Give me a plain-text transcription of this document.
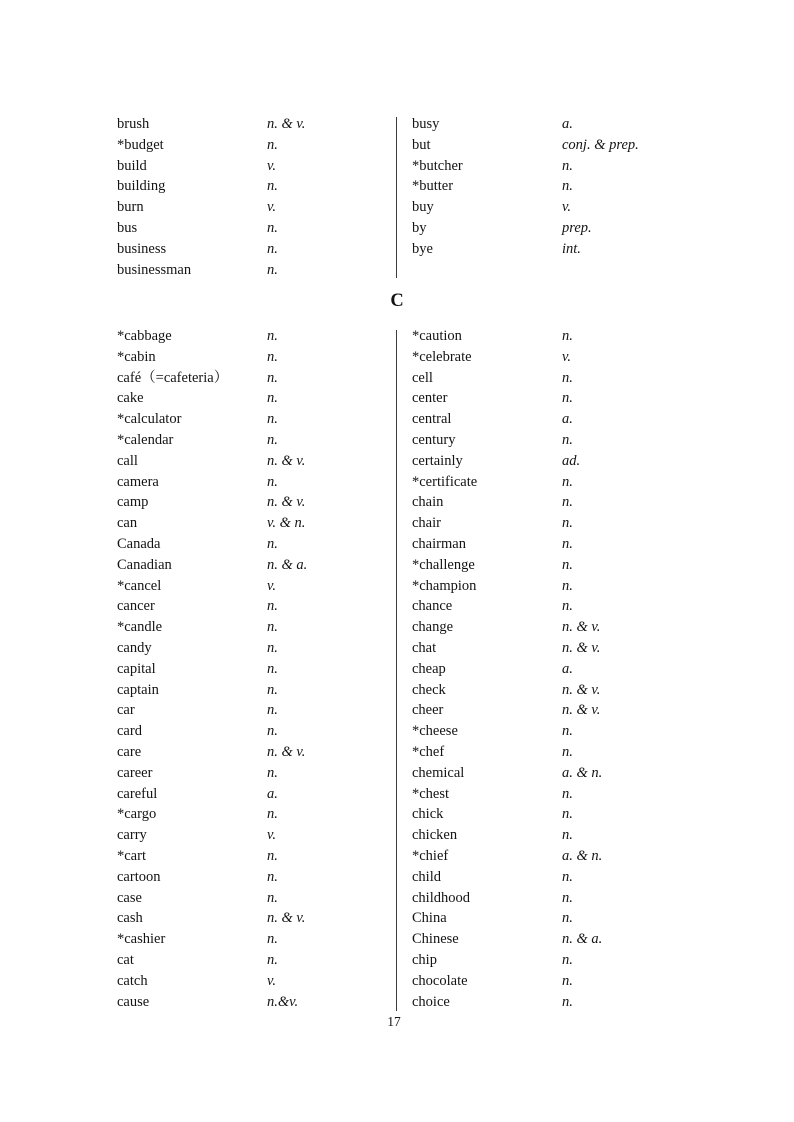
brush	n. & v.
*budget	n.
build	v.
building	n.
burn	v.
bus	n.
business	n.
businessman	n.
busy	a.
but	conj. & prep.
*butcher	n.
*butter	n.
buy	v.
by	prep.
bye	int.
C
*cabbage	n.
*cabin	n.
café（=cafeteria）	n.
cake	n.
*calculator	n.
*calendar	n.
call	n. & v.
camera	n.
camp	n. & v.
can	v. & n.
Canada	n.
Canadian	n. & a.
*cancel	v.
cancer	n.
*candle	n.
candy	n.
capital	n.
captain	n.
car	n.
card	n.
care	n. & v.
career	n.
careful	a.
*cargo	n.
carry	v.
*cart	n.
cartoon	n.
case	n.
cash	n. & v.
*cashier	n.
cat	n.
catch	v.
cause	n.&v.
*caution	n.
*celebrate	v.
cell	n.
center	n.
central	a.
century	n.
certainly	ad.
*certificate	n.
chain	n.
chair	n.
chairman	n.
*challenge	n.
*champion	n.
chance	n.
change	n. & v.
chat	n. & v.
cheap	a.
check	n. & v.
cheer	n. & v.
*cheese	n.
*chef	n.
chemical	a. & n.
*chest	n.
chick	n.
chicken	n.
*chief	a. & n.
child	n.
childhood	n.
China	n.
Chinese	n. & a.
chip	n.
chocolate	n.
choice	n.
17
